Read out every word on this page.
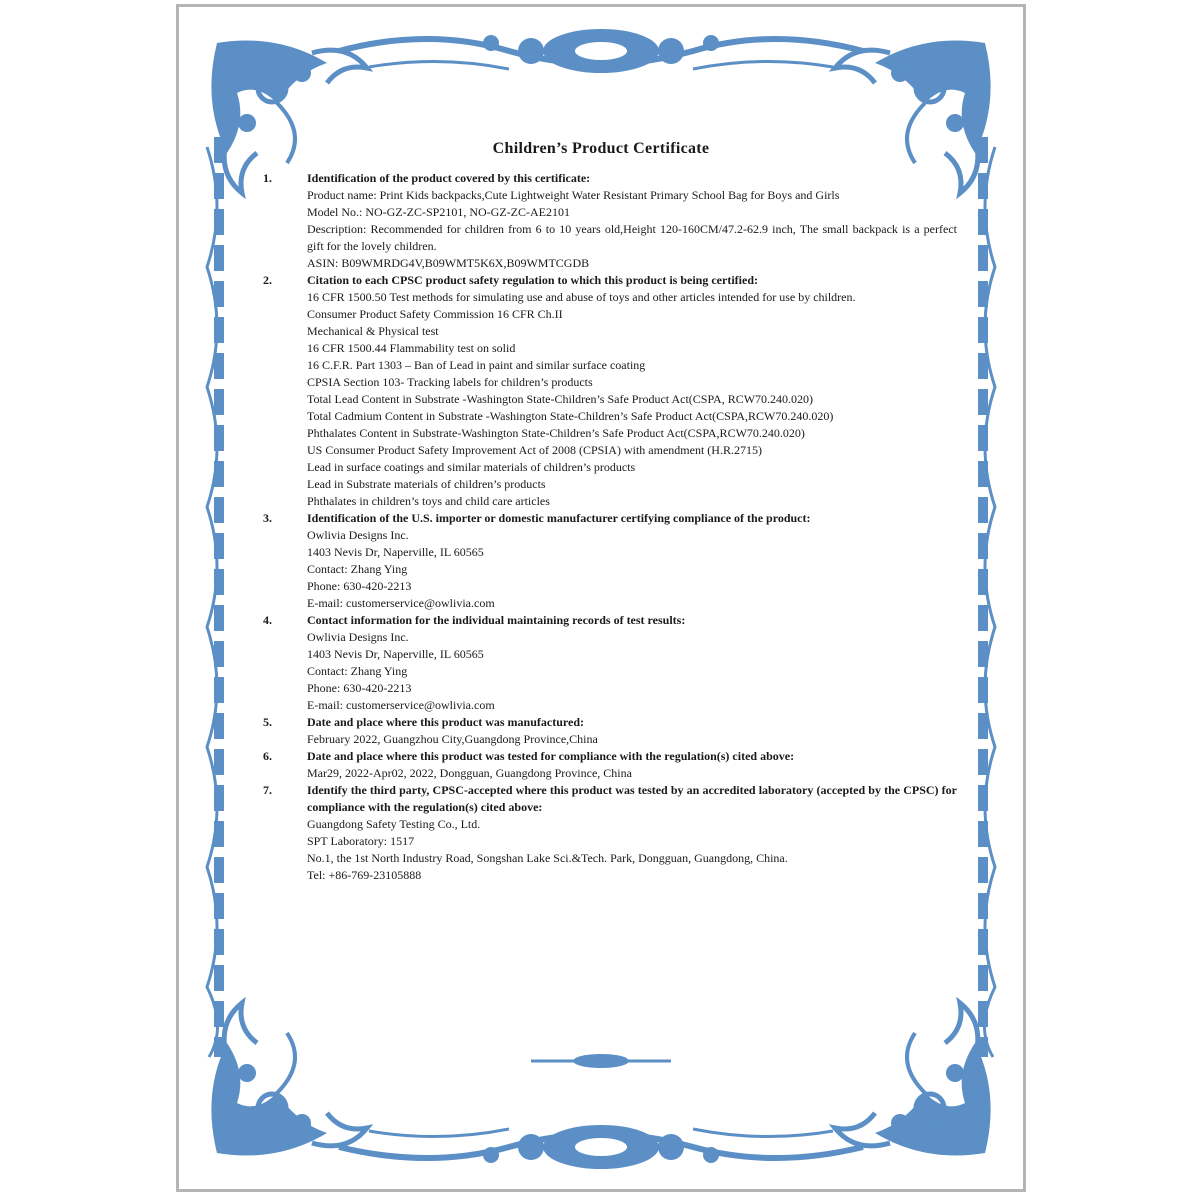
Children’s Product Certificate
1.	Identification of the product covered by this certificate:
Product name: Print Kids backpacks,Cute Lightweight Water Resistant Primary School Bag for Boys and Girls
Model No.: NO-GZ-ZC-SP2101, NO-GZ-ZC-AE2101
Description: Recommended for children from 6 to 10 years old,Height 120-160CM/47.2-62.9 inch, The small backpack is a perfect gift for the lovely children.
ASIN: B09WMRDG4V,B09WMT5K6X,B09WMTCGDB
2.	Citation to each CPSC product safety regulation to which this product is being certified:
16 CFR 1500.50 Test methods for simulating use and abuse of toys and other articles intended for use by children.
Consumer Product Safety Commission 16 CFR Ch.II
Mechanical & Physical test
16 CFR 1500.44 Flammability test on solid
16 C.F.R. Part 1303 – Ban of Lead in paint and similar surface coating
CPSIA Section 103- Tracking labels for children’s products
Total Lead Content in Substrate -Washington State-Children’s Safe Product Act(CSPA, RCW70.240.020)
Total Cadmium Content in Substrate -Washington State-Children’s Safe Product Act(CSPA,RCW70.240.020)
Phthalates Content in Substrate-Washington State-Children’s Safe Product Act(CSPA,RCW70.240.020)
US Consumer Product Safety Improvement Act of 2008 (CPSIA) with amendment (H.R.2715)
Lead in surface coatings and similar materials of children’s products
Lead in Substrate materials of children’s products
Phthalates in children’s toys and child care articles
3.	Identification of the U.S. importer or domestic manufacturer certifying compliance of the product:
Owlivia Designs Inc.
1403 Nevis Dr, Naperville, IL 60565
Contact: Zhang Ying
Phone: 630-420-2213
E-mail: customerservice@owlivia.com
4.	Contact information for the individual maintaining records of test results:
Owlivia Designs Inc.
1403 Nevis Dr, Naperville, IL 60565
Contact: Zhang Ying
Phone: 630-420-2213
E-mail: customerservice@owlivia.com
5.	Date and place where this product was manufactured:
February 2022, Guangzhou City,Guangdong Province,China
6.	Date and place where this product was tested for compliance with the regulation(s) cited above:
Mar29, 2022-Apr02, 2022, Dongguan, Guangdong Province, China
7.	Identify the third party, CPSC-accepted where this product was tested by an accredited laboratory (accepted by the CPSC) for compliance with the regulation(s) cited above:
Guangdong Safety Testing Co., Ltd.
SPT Laboratory: 1517
No.1, the 1st North Industry Road, Songshan Lake Sci.&Tech. Park, Dongguan, Guangdong, China.
Tel: +86-769-23105888
